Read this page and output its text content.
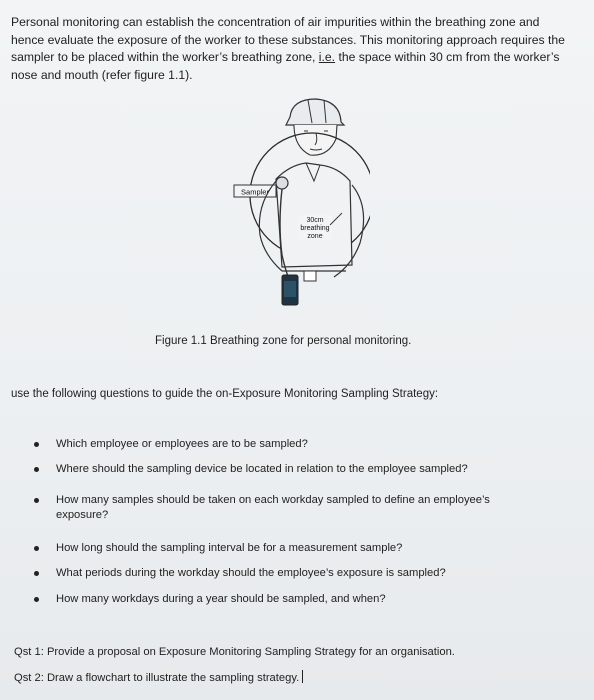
Personal monitoring can establish the concentration of air impurities within the breathing zone and hence evaluate the exposure of the worker to these substances. This monitoring approach requires the sampler to be placed within the worker’s breathing zone, i.e. the space within 30 cm from the worker’s nose and mouth (refer figure 1.1).

Sampler
30cm
breathing
zone
Figure 1.1 Breathing zone for personal monitoring.
use the following questions to guide the on-Exposure Monitoring Sampling Strategy:
Which employee or employees are to be sampled?
Where should the sampling device be located in relation to the employee sampled?
How many samples should be taken on each workday sampled to define an employee’s exposure?
How long should the sampling interval be for a measurement sample?
What periods during the workday should the employee’s exposure is sampled?
How many workdays during a year should be sampled, and when?
Qst 1: Provide a proposal on Exposure Monitoring Sampling Strategy for an organisation.
Qst 2: Draw a flowchart to illustrate the sampling strategy.
